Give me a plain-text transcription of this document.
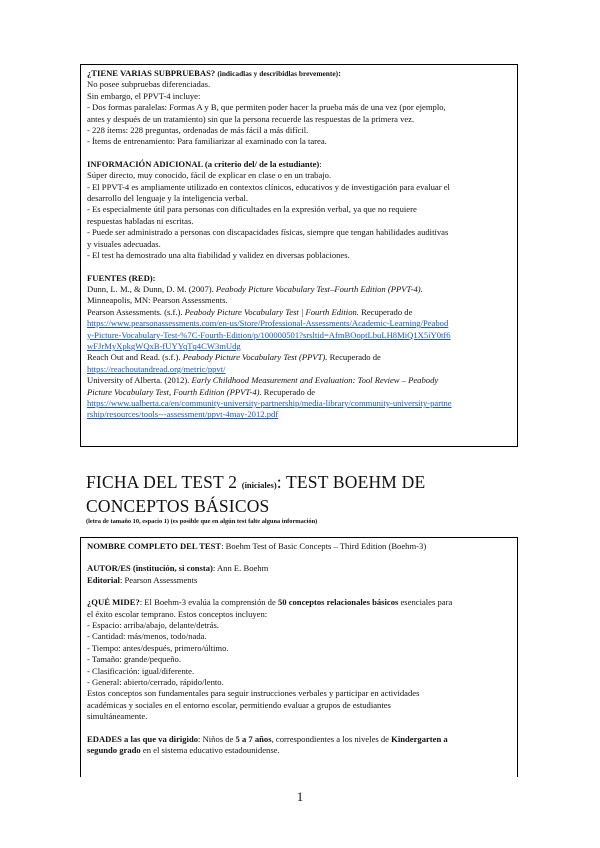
¿TIENE VARIAS SUBPRUEBAS? (indicadlas y describidlas brevemente):
No posee subpruebas diferenciadas.
Sin embargo, el PPVT-4 incluye:
- Dos formas paralelas: Formas A y B, que permiten poder hacer la prueba más de una vez (por ejemplo,
antes y después de un tratamiento) sin que la persona recuerde las respuestas de la primera vez.
- 228 ítems: 228 preguntas, ordenadas de más fácil a más difícil.
- Ítems de entrenamiento: Para familiarizar al examinado con la tarea.
INFORMACIÓN ADICIONAL (a criterio del/ de la estudiante):
Súper directo, muy conocido, fácil de explicar en clase o en un trabajo.
- El PPVT-4 es ampliamente utilizado en contextos clínicos, educativos y de investigación para evaluar el
desarrollo del lenguaje y la inteligencia verbal.
- Es especialmente útil para personas con dificultades en la expresión verbal, ya que no requiere
respuestas habladas ni escritas.
- Puede ser administrado a personas con discapacidades físicas, siempre que tengan habilidades auditivas
y visuales adecuadas.
- El test ha demostrado una alta fiabilidad y validez en diversas poblaciones.
FUENTES (RED):
Dunn, L. M., & Dunn, D. M. (2007). Peabody Picture Vocabulary Test–Fourth Edition (PPVT-4).
Minneapolis, MN: Pearson Assessments.
Pearson Assessments. (s.f.). Peabody Picture Vocabulary Test | Fourth Edition. Recuperado de
https://www.pearsonassessments.com/en-us/Store/Professional-Assessments/Academic-Learning/Peabod
y-Picture-Vocabulary-Test-%7C-Fourth-Edition/p/100000501?srsltid=AfmBOoptLbuLH8MiQ1X5iY0tf6
wFJrMyXpkgWQxB-fUYYqTq4CW3mUdg
Reach Out and Read. (s.f.). Peabody Picture Vocabulary Test (PPVT). Recuperado de
https://reachoutandread.org/metric/ppvt/
University of Alberta. (2012). Early Childhood Measurement and Evaluation: Tool Review – Peabody
Picture Vocabulary Test, Fourth Edition (PPVT-4). Recuperado de
https://www.ualberta.ca/en/community-university-partnership/media-library/community-university-partne
rship/resources/tools---assessment/ppvt-4may-2012.pdf
FICHA DEL TEST 2 (iniciales): TEST BOEHM DE
CONCEPTOS BÁSICOS
(letra de tamaño 10, espacio 1) (es posible que en algún test falte alguna información)
NOMBRE COMPLETO DEL TEST: Boehm Test of Basic Concepts – Third Edition (Boehm-3)
AUTOR/ES (institución, si consta): Ann E. Boehm
Editorial: Pearson Assessments
¿QUÉ MIDE?: El Boehm-3 evalúa la comprensión de 50 conceptos relacionales básicos esenciales para
el éxito escolar temprano. Estos conceptos incluyen:
- Espacio: arriba/abajo, delante/detrás.
- Cantidad: más/menos, todo/nada.
- Tiempo: antes/después, primero/último.
- Tamaño: grande/pequeño.
- Clasificación: igual/diferente.
- General: abierto/cerrado, rápido/lento.
Estos conceptos son fundamentales para seguir instrucciones verbales y participar en actividades
académicas y sociales en el entorno escolar, permitiendo evaluar a grupos de estudiantes
simultáneamente.
EDADES a las que va dirigido: Niños de 5 a 7 años, correspondientes a los niveles de Kindergarten a
segundo grado en el sistema educativo estadounidense.
1
